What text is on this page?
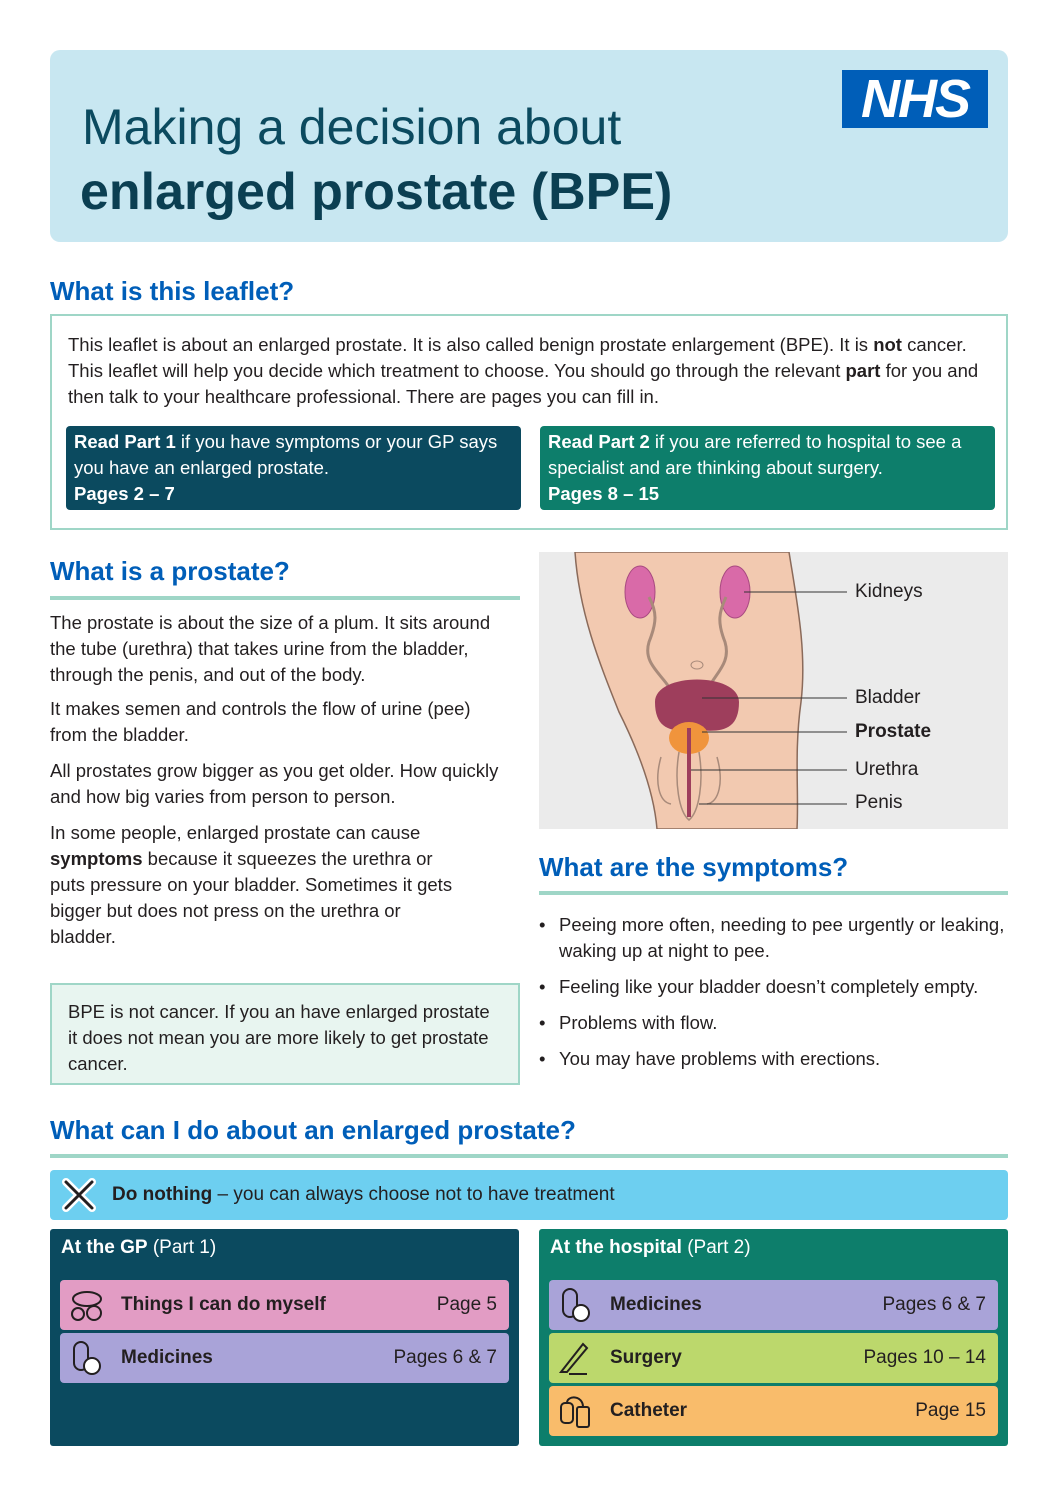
Making a decision about
enlarged prostate (BPE)
NHS
What is this leaflet?

This leaflet is about an enlarged prostate. It is also called benign prostate enlargement (BPE). It is not cancer. This leaflet will help you decide which treatment to choose. You should go through the relevant part for you and then talk to your healthcare professional. There are pages you can fill in.

Read Part 1 if you have symptoms or your GP says you have an enlarged prostate.
Pages 2 – 7
Read Part 2 if you are referred to hospital to see a specialist and are thinking about surgery.
Pages 8 – 15
What is a prostate?

The prostate is about the size of a plum. It sits around the tube (urethra) that takes urine from the bladder, through the penis, and out of the body.

It makes semen and controls the flow of urine (pee) from the bladder.

All prostates grow bigger as you get older. How quickly and how big varies from person to person.

In some people, enlarged prostate can cause symptoms because it squeezes the urethra or puts pressure on your bladder. Sometimes it gets bigger but does not press on the urethra or bladder.

BPE is not cancer. If you an have enlarged prostate it does not mean you are more likely to get prostate cancer.
Kidneys
Bladder
Prostate
Urethra
Penis
What are the symptoms?
• Peeing more often, needing to pee urgently or leaking, waking up at night to pee.
• Feeling like your bladder doesn’t completely empty.
• Problems with flow.
• You may have problems with erections.
What can I do about an enlarged prostate?
Do nothing – you can always choose not to have treatment
At the GP (Part 1)
Things I can do myself	Page 5
Medicines	Pages 6 & 7
At the hospital (Part 2)
Medicines	Pages 6 & 7
Surgery	Pages 10 – 14
Catheter	Page 15
